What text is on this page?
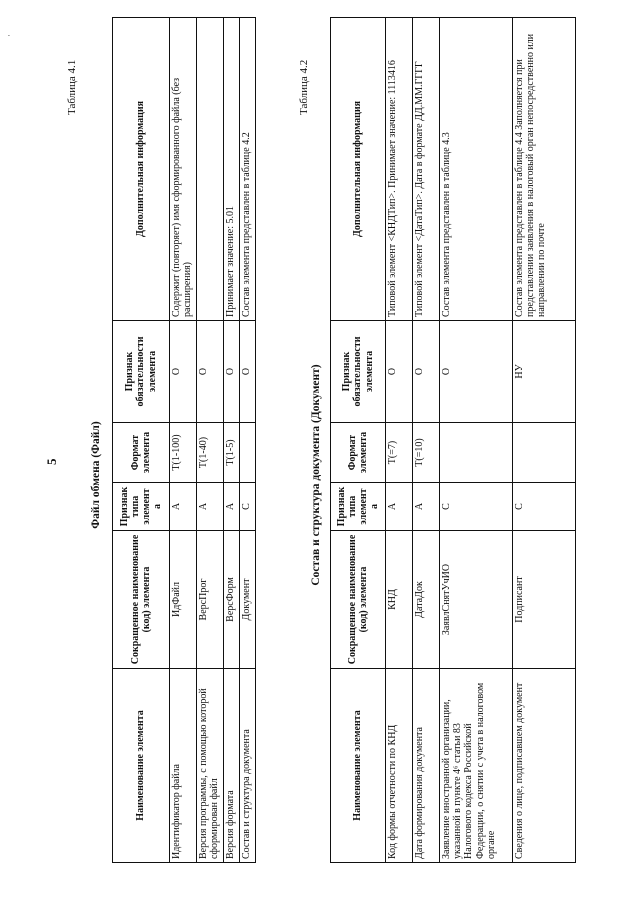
·
5
Таблица 4.1
Файл обмена (Файл)
Наименование элемента	Сокращенное наименование (код) элемента	Признак типа элемента	Формат элемента	Признак обязательности элемента	Дополнительная информация
Идентификатор файла	ИдФайл	А	Т(1-100)	О	Содержит (повторяет) имя сформированного файла (без расширения)
Версия программы, с помощью которой сформирован файл	ВерсПрог	А	Т(1-40)	О	
Версия формата	ВерсФорм	А	Т(1-5)	О	Принимает значение: 5.01
Состав и структура документа	Документ	С		О	Состав элемента представлен в таблице 4.2
Таблица 4.2
Состав и структура документа (Документ)
Наименование элемента	Сокращенное наименование (код) элемента	Признак типа элемента	Формат элемента	Признак обязательности элемента	Дополнительная информация
Код формы отчетности по КНД	КНД	А	Т(=7)	О	Типовой элемент <КНДТип>. Принимает значение: 1113416
Дата формирования документа	ДатаДок	А	Т(=10)	О	Типовой элемент <ДатаТип>. Дата в формате ДД.ММ.ГГГГ
Заявление иностранной организации, указанной в пункте 4⁶ статьи 83 Налогового кодекса Российской Федерации, о снятии с учета в налоговом органе	ЗаявлСнятУчИО	С		О	Состав элемента представлен в таблице 4.3
Сведения о лице, подписавшем документ	Подписант	С		НУ	Состав элемента представлен в таблице 4.4 Заполняется при представлении заявления в налоговый орган непосредственно или направлении по почте
